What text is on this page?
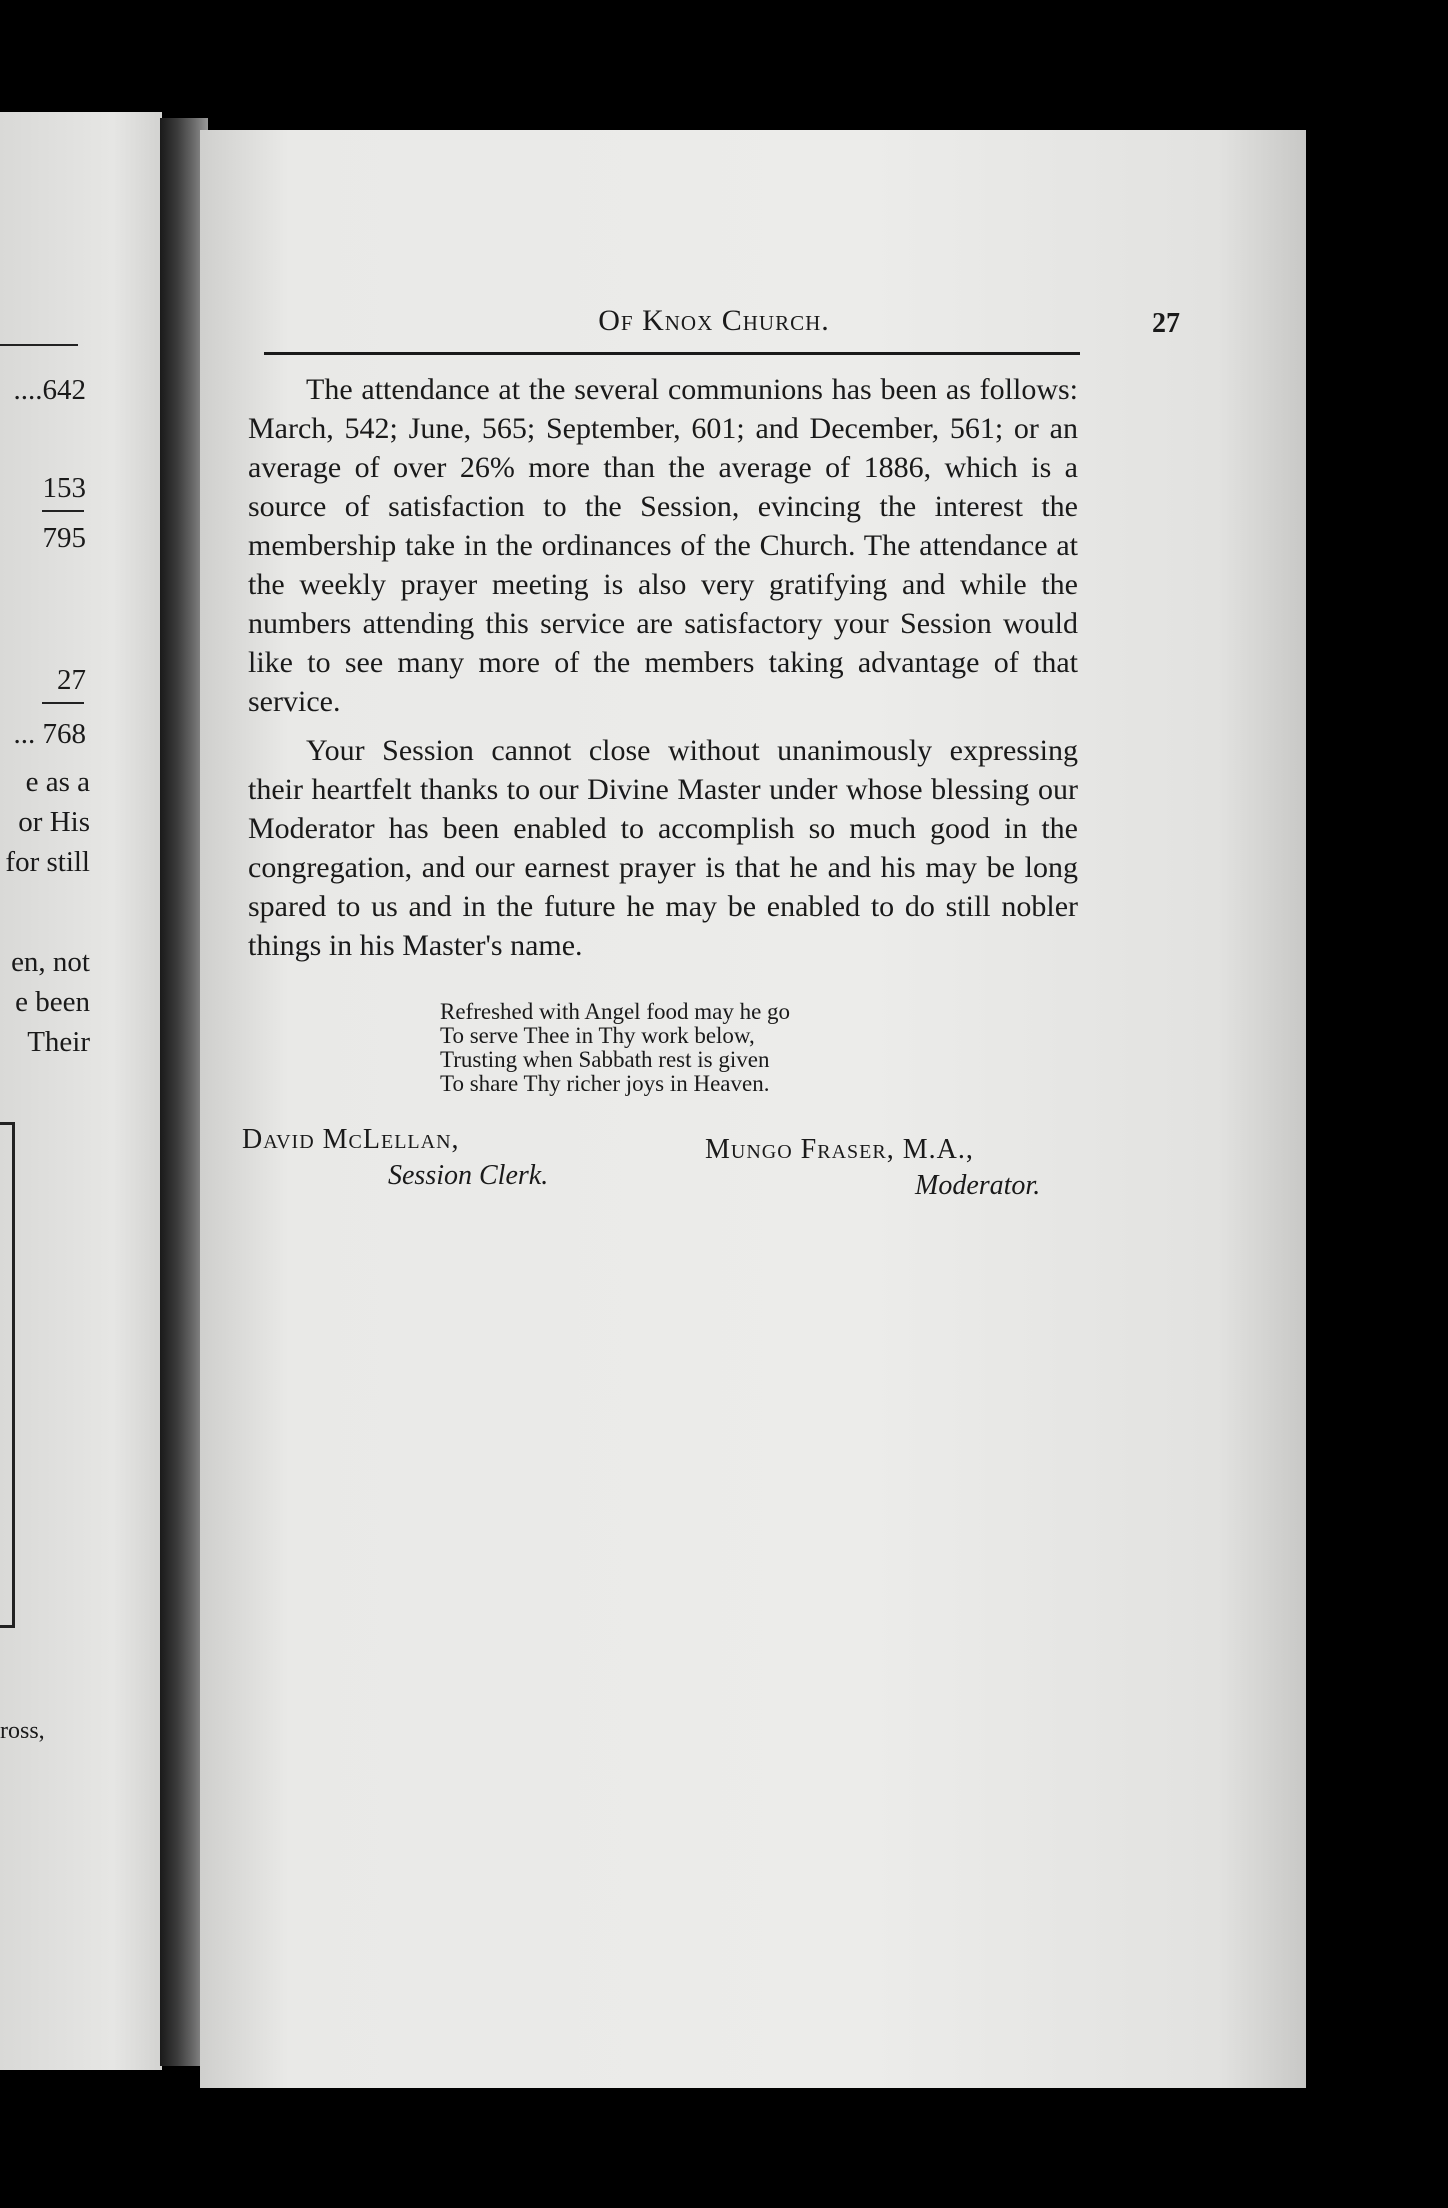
....642
153
795
27
... 768
e as a
or His
for still
en, not
e been
Their
ross,
Of Knox Church.	27

The attendance at the several communions has been as follows: March, 542; June, 565; September, 601; and December, 561; or an average of over 26% more than the average of 1886, which is a source of satisfaction to the Session, evincing the interest the membership take in the ordinances of the Church. The attendance at the weekly prayer meeting is also very gratifying and while the numbers attending this service are satisfactory your Session would like to see many more of the members taking advantage of that service.

Your Session cannot close without unanimously expressing their heartfelt thanks to our Divine Master under whose blessing our Moderator has been enabled to accomplish so much good in the congregation, and our earnest prayer is that he and his may be long spared to us and in the future he may be enabled to do still nobler things in his Master's name.

Refreshed with Angel food may he go
To serve Thee in Thy work below,
Trusting when Sabbath rest is given
To share Thy richer joys in Heaven.
David McLellan,
Session Clerk.
Mungo Fraser, M.A.,
Moderator.
